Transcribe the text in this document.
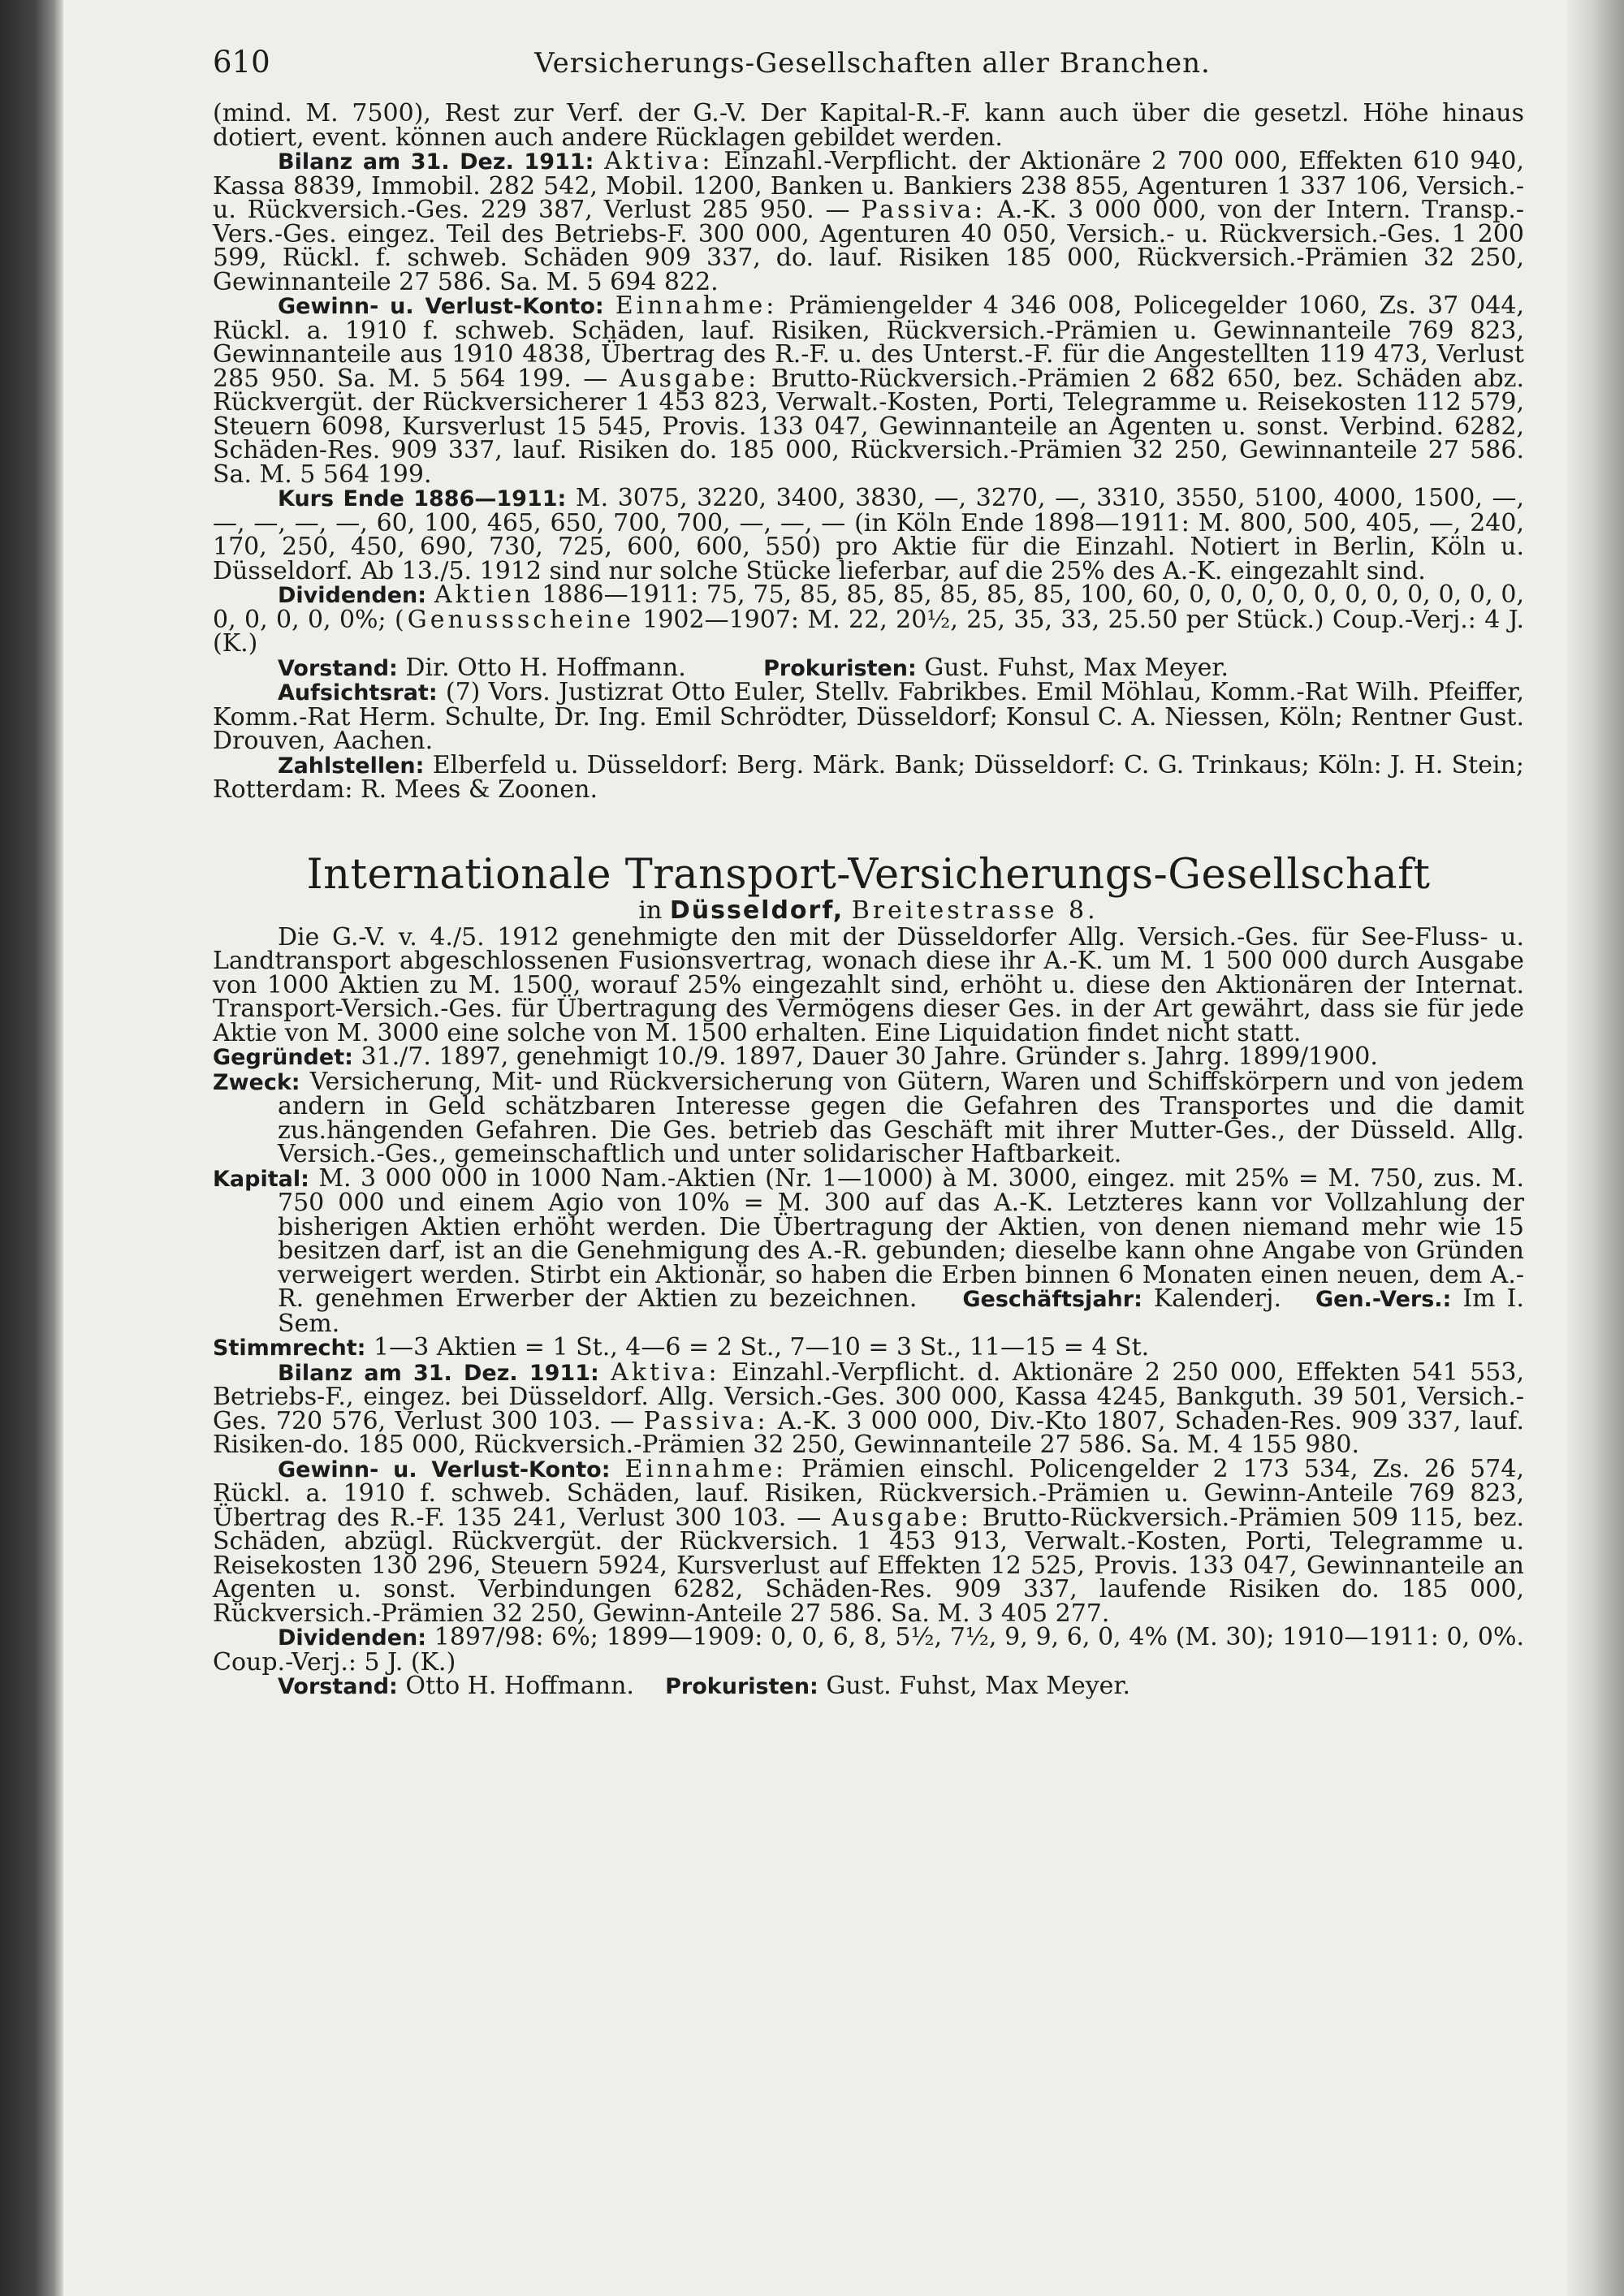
610	Versicherungs-Gesellschaften aller Branchen.

(mind. M. 7500), Rest zur Verf. der G.-V. Der Kapital-R.-F. kann auch über die gesetzl. Höhe hinaus dotiert, event. können auch andere Rücklagen gebildet werden.

Bilanz am 31. Dez. 1911: Aktiva: Einzahl.-Verpflicht. der Aktionäre 2 700 000, Effekten 610 940, Kassa 8839, Immobil. 282 542, Mobil. 1200, Banken u. Bankiers 238 855, Agenturen 1 337 106, Versich.- u. Rückversich.-Ges. 229 387, Verlust 285 950. — Passiva: A.-K. 3 000 000, von der Intern. Transp.-Vers.-Ges. eingez. Teil des Betriebs-F. 300 000, Agenturen 40 050, Versich.- u. Rückversich.-Ges. 1 200 599, Rückl. f. schweb. Schäden 909 337, do. lauf. Risiken 185 000, Rückversich.-Prämien 32 250, Gewinnanteile 27 586. Sa. M. 5 694 822.

Gewinn- u. Verlust-Konto: Einnahme: Prämiengelder 4 346 008, Policegelder 1060, Zs. 37 044, Rückl. a. 1910 f. schweb. Schäden, lauf. Risiken, Rückversich.-Prämien u. Gewinnanteile 769 823, Gewinnanteile aus 1910 4838, Übertrag des R.-F. u. des Unterst.-F. für die Angestellten 119 473, Verlust 285 950. Sa. M. 5 564 199. — Ausgabe: Brutto-Rückversich.-Prämien 2 682 650, bez. Schäden abz. Rückvergüt. der Rückversicherer 1 453 823, Verwalt.-Kosten, Porti, Telegramme u. Reisekosten 112 579, Steuern 6098, Kursverlust 15 545, Provis. 133 047, Gewinnanteile an Agenten u. sonst. Verbind. 6282, Schäden-Res. 909 337, lauf. Risiken do. 185 000, Rückversich.-Prämien 32 250, Gewinnanteile 27 586. Sa. M. 5 564 199.

Kurs Ende 1886—1911: M. 3075, 3220, 3400, 3830, —, 3270, —, 3310, 3550, 5100, 4000, 1500, —, —, —, —, —, 60, 100, 465, 650, 700, 700, —, —, — (in Köln Ende 1898—1911: M. 800, 500, 405, —, 240, 170, 250, 450, 690, 730, 725, 600, 600, 550) pro Aktie für die Einzahl. Notiert in Berlin, Köln u. Düsseldorf. Ab 13./5. 1912 sind nur solche Stücke lieferbar, auf die 25% des A.-K. eingezahlt sind.

Dividenden: Aktien 1886—1911: 75, 75, 85, 85, 85, 85, 85, 85, 100, 60, 0, 0, 0, 0, 0, 0, 0, 0, 0, 0, 0, 0, 0, 0, 0, 0%; (Genussscheine 1902—1907: M. 22, 20½, 25, 35, 33, 25.50 per Stück.) Coup.-Verj.: 4 J. (K.)

Vorstand: Dir. Otto H. Hoffmann.	Prokuristen: Gust. Fuhst, Max Meyer.

Aufsichtsrat: (7) Vors. Justizrat Otto Euler, Stellv. Fabrikbes. Emil Möhlau, Komm.-Rat Wilh. Pfeiffer, Komm.-Rat Herm. Schulte, Dr. Ing. Emil Schrödter, Düsseldorf; Konsul C. A. Niessen, Köln; Rentner Gust. Drouven, Aachen.

Zahlstellen: Elberfeld u. Düsseldorf: Berg. Märk. Bank; Düsseldorf: C. G. Trinkaus; Köln: J. H. Stein; Rotterdam: R. Mees & Zoonen.

Internationale Transport-Versicherungs-Gesellschaft
in Düsseldorf, Breitestrasse 8.

Die G.-V. v. 4./5. 1912 genehmigte den mit der Düsseldorfer Allg. Versich.-Ges. für See-Fluss- u. Landtransport abgeschlossenen Fusionsvertrag, wonach diese ihr A.-K. um M. 1 500 000 durch Ausgabe von 1000 Aktien zu M. 1500, worauf 25% eingezahlt sind, erhöht u. diese den Aktionären der Internat. Transport-Versich.-Ges. für Übertragung des Vermögens dieser Ges. in der Art gewährt, dass sie für jede Aktie von M. 3000 eine solche von M. 1500 erhalten. Eine Liquidation findet nicht statt.

Gegründet: 31./7. 1897, genehmigt 10./9. 1897, Dauer 30 Jahre. Gründer s. Jahrg. 1899/1900.

Zweck: Versicherung, Mit- und Rückversicherung von Gütern, Waren und Schiffskörpern und von jedem andern in Geld schätzbaren Interesse gegen die Gefahren des Transportes und die damit zus.hängenden Gefahren. Die Ges. betrieb das Geschäft mit ihrer Mutter-Ges., der Düsseld. Allg. Versich.-Ges., gemeinschaftlich und unter solidarischer Haftbarkeit.

Kapital: M. 3 000 000 in 1000 Nam.-Aktien (Nr. 1—1000) à M. 3000, eingez. mit 25% = M. 750, zus. M. 750 000 und einem Agio von 10% = M. 300 auf das A.-K. Letzteres kann vor Vollzahlung der bisherigen Aktien erhöht werden. Die Übertragung der Aktien, von denen niemand mehr wie 15 besitzen darf, ist an die Genehmigung des A.-R. gebunden; dieselbe kann ohne Angabe von Gründen verweigert werden. Stirbt ein Aktionär, so haben die Erben binnen 6 Monaten einen neuen, dem A.-R. genehmen Erwerber der Aktien zu bezeichnen. Geschäftsjahr: Kalenderj. Gen.-Vers.: Im I. Sem.

Stimmrecht: 1—3 Aktien = 1 St., 4—6 = 2 St., 7—10 = 3 St., 11—15 = 4 St.

Bilanz am 31. Dez. 1911: Aktiva: Einzahl.-Verpflicht. d. Aktionäre 2 250 000, Effekten 541 553, Betriebs-F., eingez. bei Düsseldorf. Allg. Versich.-Ges. 300 000, Kassa 4245, Bankguth. 39 501, Versich.-Ges. 720 576, Verlust 300 103. — Passiva: A.-K. 3 000 000, Div.-Kto 1807, Schaden-Res. 909 337, lauf. Risiken-do. 185 000, Rückversich.-Prämien 32 250, Gewinnanteile 27 586. Sa. M. 4 155 980.

Gewinn- u. Verlust-Konto: Einnahme: Prämien einschl. Policengelder 2 173 534, Zs. 26 574, Rückl. a. 1910 f. schweb. Schäden, lauf. Risiken, Rückversich.-Prämien u. Gewinn-Anteile 769 823, Übertrag des R.-F. 135 241, Verlust 300 103. — Ausgabe: Brutto-Rückversich.-Prämien 509 115, bez. Schäden, abzügl. Rückvergüt. der Rückversich. 1 453 913, Verwalt.-Kosten, Porti, Telegramme u. Reisekosten 130 296, Steuern 5924, Kursverlust auf Effekten 12 525, Provis. 133 047, Gewinnanteile an Agenten u. sonst. Verbindungen 6282, Schäden-Res. 909 337, laufende Risiken do. 185 000, Rückversich.-Prämien 32 250, Gewinn-Anteile 27 586. Sa. M. 3 405 277.

Dividenden: 1897/98: 6%; 1899—1909: 0, 0, 6, 8, 5½, 7½, 9, 9, 6, 0, 4% (M. 30); 1910—1911: 0, 0%. Coup.-Verj.: 5 J. (K.)

Vorstand: Otto H. Hoffmann. Prokuristen: Gust. Fuhst, Max Meyer.
